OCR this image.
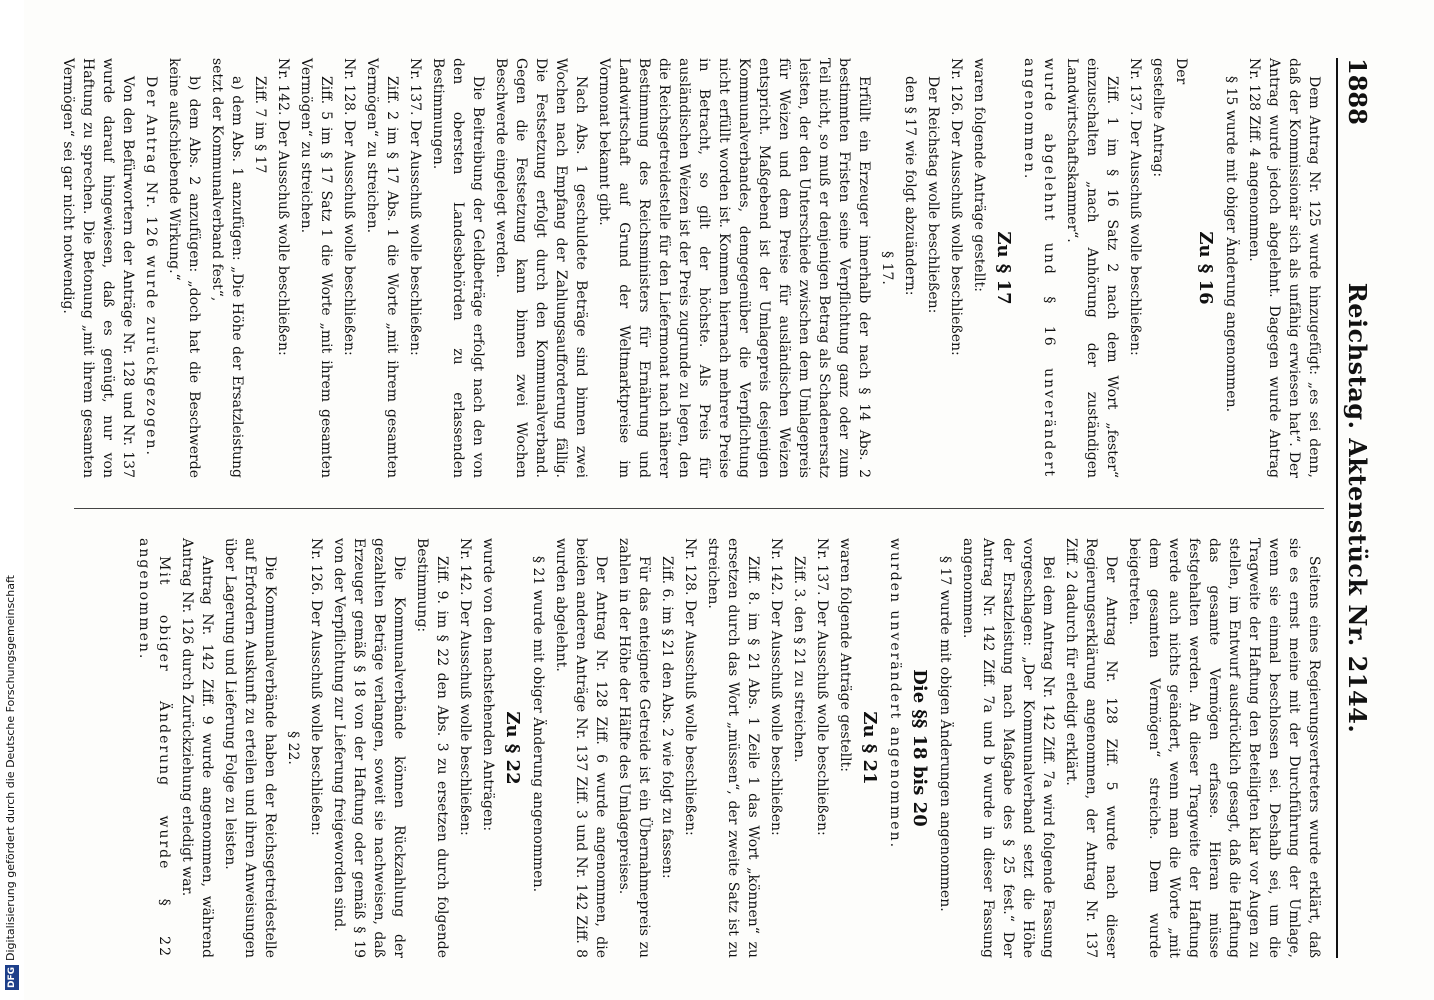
DFGDigitalisierung gefördert durch die Deutsche Forschungsgemeinschaft
1888
Reichstag. Aktenstück Nr. 2144.

Dem Antrag Nr. 125 wurde hinzugefügt: „es sei denn, daß der Kommissionär sich als unfähig erwiesen hat“. Der Antrag wurde jedoch abgelehnt. Dagegen wurde Antrag Nr. 128 Ziff. 4 angenommen.

§ 15 wurde mit obiger Änderung angenommen.

Zu § 16

Der

gestellte Antrag:

Nr. 137. Der Ausschuß wolle beschließen:

Ziff. 1 im § 16 Satz 2 nach dem Wort „fester“ einzuschalten „nach Anhörung der zuständigen Landwirtschaftskammer“.

wurde abgelehnt und § 16 unverändert angenommen.

Zu § 17

waren folgende Anträge gestellt:

Nr. 126. Der Ausschuß wolle beschließen:

Der Reichstag wolle beschließen:

den § 17 wie folgt abzuändern:

§ 17.

Erfüllt ein Erzeuger innerhalb der nach § 14 Abs. 2 bestimmten Fristen seine Verpflichtung ganz oder zum Teil nicht, so muß er denjenigen Betrag als Schadenersatz leisten, der den Unterschiede zwischen dem Umlagepreis für Weizen und dem Preise für ausländischen Weizen entspricht. Maßgebend ist der Umlagepreis desjenigen Kommunalverbandes, demgegenüber die Verpflichtung nicht erfüllt worden ist. Kommen hiernach mehrere Preise in Betracht, so gilt der höchste. Als Preis für ausländischen Weizen ist der Preis zugrunde zu legen, den die Reichsgetreidestelle für den Liefermonat nach näherer Bestimmung des Reichsministers für Ernährung und Landwirtschaft auf Grund der Weltmarktpreise im Vormonat bekannt gibt.

Nach Abs. 1 geschuldete Beträge sind binnen zwei Wochen nach Empfang der Zahlungsaufforderung fällig. Die Festsetzung erfolgt durch den Kommunalverband. Gegen die Festsetzung kann binnen zwei Wochen Beschwerde eingelegt werden.

Die Beitreibung der Geldbeträge erfolgt nach den von den obersten Landesbehörden zu erlassenden Bestimmungen.

Nr. 137. Der Ausschuß wolle beschließen:

Ziff. 2 im § 17 Abs. 1 die Worte „mit ihrem gesamten Vermögen“ zu streichen.

Nr. 128. Der Ausschuß wolle beschließen:

Ziff. 5 im § 17 Satz 1 die Worte „mit ihrem gesamten Vermögen“ zu streichen.

Nr. 142. Der Ausschuß wolle beschließen:

Ziff. 7 im § 17

a) dem Abs. 1 anzufügen: „Die Höhe der Ersatzleistung setzt der Kommunalverband fest“,

b) dem Abs. 2 anzufügen: „doch hat die Beschwerde keine aufschiebende Wirkung.“

Der Antrag Nr. 126 wurde zurückgezogen.

Von den Befürwortern der Anträge Nr. 128 und Nr. 137 wurde darauf hingewiesen, daß es genügt, nur von Haftung zu sprechen. Die Betonung „mit ihrem gesamten Vermögen“ sei gar nicht notwendig.

Seitens eines Regierungsvertreters wurde erklärt, daß sie es ernst meine mit der Durchführung der Umlage, wenn sie einmal beschlossen sei. Deshalb sei, um die Tragweite der Haftung den Beteiligten klar vor Augen zu stellen, im Entwurf ausdrücklich gesagt, daß die Haftung das gesamte Vermögen erfasse. Hieran müsse festgehalten werden. An dieser Tragweite der Haftung werde auch nichts geändert, wenn man die Worte „mit dem gesamten Vermögen“ streiche. Dem wurde beigetreten.

Der Antrag Nr. 128 Ziff. 5 wurde nach dieser Regierungserklärung angenommen, der Antrag Nr. 137 Ziff. 2 dadurch für erledigt erklärt.

Bei dem Antrag Nr. 142 Ziff. 7a wird folgende Fassung vorgeschlagen: „Der Kommunalverband setzt die Höhe der Ersatzleistung nach Maßgabe des § 25 fest.“ Der Antrag Nr. 142 Ziff. 7a und b wurde in dieser Fassung angenommen.

§ 17 wurde mit obigen Änderungen angenommen.

Die §§ 18 bis 20

wurden unverändert angenommen.

Zu § 21

waren folgende Anträge gestellt:

Nr. 137. Der Ausschuß wolle beschließen:

Ziff. 3. den § 21 zu streichen.

Nr. 142. Der Ausschuß wolle beschließen:

Ziff. 8. im § 21 Abs. 1 Zeile 1 das Wort „können“ zu ersetzen durch das Wort „müssen“, der zweite Satz ist zu streichen.

Nr. 128. Der Ausschuß wolle beschließen:

Ziff. 6. im § 21 den Abs. 2 wie folgt zu fassen:

Für das enteignete Getreide ist ein Übernahmepreis zu zahlen in der Höhe der Hälfte des Umlagepreises.

Der Antrag Nr. 128 Ziff. 6 wurde angenommen, die beiden anderen Anträge Nr. 137 Ziff. 3 und Nr. 142 Ziff. 8 wurden abgelehnt.

§ 21 wurde mit obiger Änderung angenommen.

Zu § 22

wurde von den nachstehenden Anträgen:

Nr. 142. Der Ausschuß wolle beschließen:

Ziff. 9. im § 22 den Abs. 3 zu ersetzen durch folgende Bestimmung:

Die Kommunalverbände können Rückzahlung der gezahlten Beträge verlangen, soweit sie nachweisen, daß Erzeuger gemäß § 18 von der Haftung oder gemäß § 19 von der Verpflichtung zur Lieferung freigeworden sind.

Nr. 126. Der Ausschuß wolle beschließen:

§ 22.

Die Kommunalverbände haben der Reichsgetreidestelle auf Erfordern Auskunft zu erteilen und ihren Anweisungen über Lagerung und Lieferung Folge zu leisten.

Antrag Nr. 142 Ziff. 9 wurde angenommen, während Antrag Nr. 126 durch Zurückziehung erledigt war.

Mit obiger Änderung wurde § 22 angenommen.
